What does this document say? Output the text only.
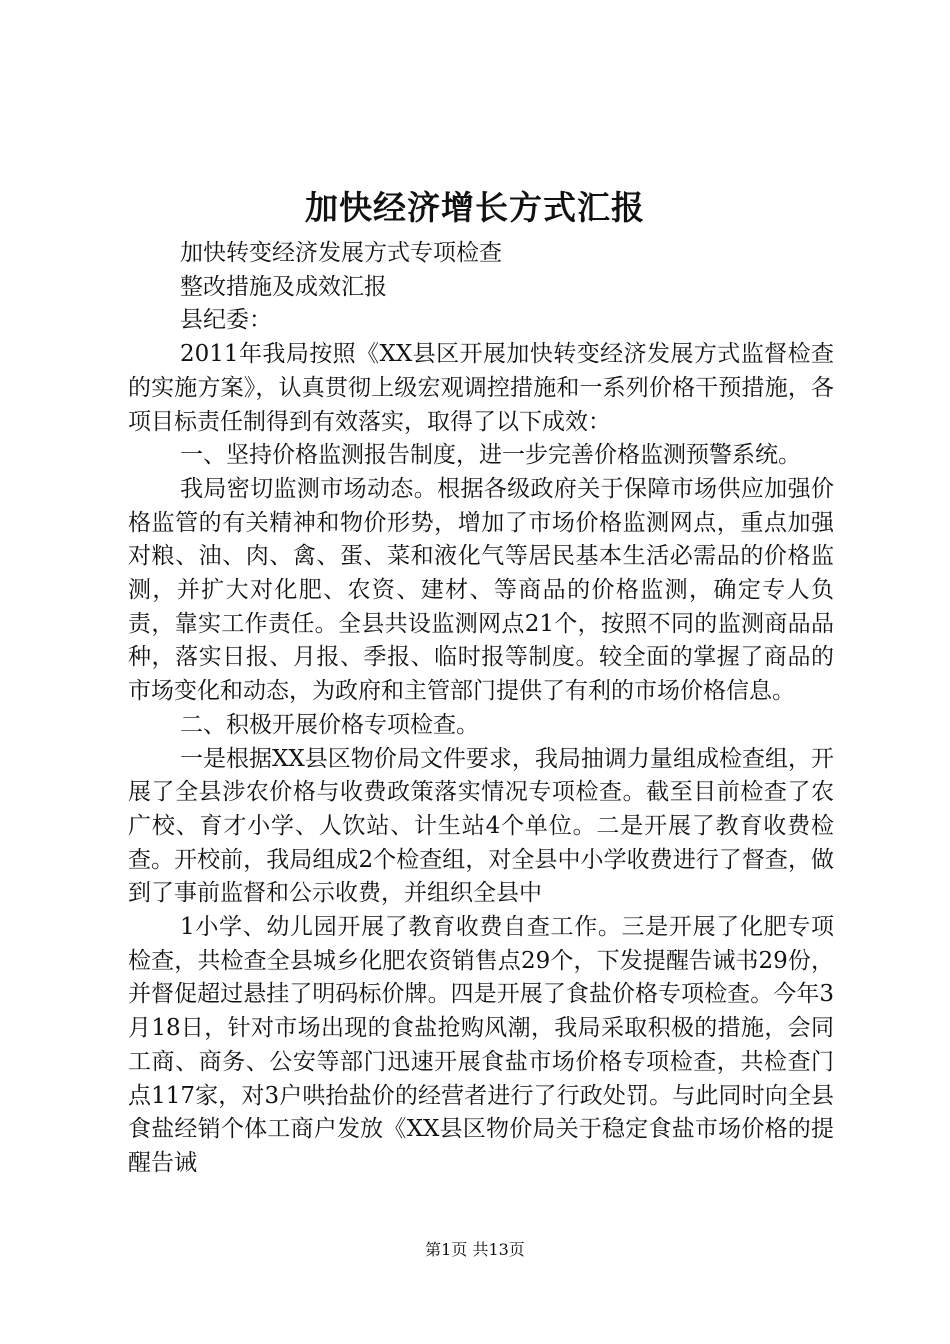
加快经济增长方式汇报

加快转变经济发展方式专项检查

整改措施及成效汇报

县纪委：

2011年我局按照《XX县区开展加快转变经济发展方式监督检查的实施方案》，认真贯彻上级宏观调控措施和一系列价格干预措施，各项目标责任制得到有效落实，取得了以下成效：

一、坚持价格监测报告制度，进一步完善价格监测预警系统。

我局密切监测市场动态。根据各级政府关于保障市场供应加强价格监管的有关精神和物价形势，增加了市场价格监测网点，重点加强对粮、油、肉、禽、蛋、菜和液化气等居民基本生活必需品的价格监测，并扩大对化肥、农资、建材、等商品的价格监测，确定专人负责，靠实工作责任。全县共设监测网点21个，按照不同的监测商品品种，落实日报、月报、季报、临时报等制度。较全面的掌握了商品的市场变化和动态，为政府和主管部门提供了有利的市场价格信息。

二、积极开展价格专项检查。

一是根据XX县区物价局文件要求，我局抽调力量组成检查组，开展了全县涉农价格与收费政策落实情况专项检查。截至目前检查了农广校、育才小学、人饮站、计生站4个单位。二是开展了教育收费检查。开校前，我局组成2个检查组，对全县中小学收费进行了督查，做到了事前监督和公示收费，并组织全县中

1小学、幼儿园开展了教育收费自查工作。三是开展了化肥专项检查，共检查全县城乡化肥农资销售点29个，下发提醒告诫书29份，并督促超过悬挂了明码标价牌。四是开展了食盐价格专项检查。今年3月18日，针对市场出现的食盐抢购风潮，我局采取积极的措施，会同工商、商务、公安等部门迅速开展食盐市场价格专项检查，共检查门点117家，对3户哄抬盐价的经营者进行了行政处罚。与此同时向全县食盐经销个体工商户发放《XX县区物价局关于稳定食盐市场价格的提醒告诫

第1页 共13页
